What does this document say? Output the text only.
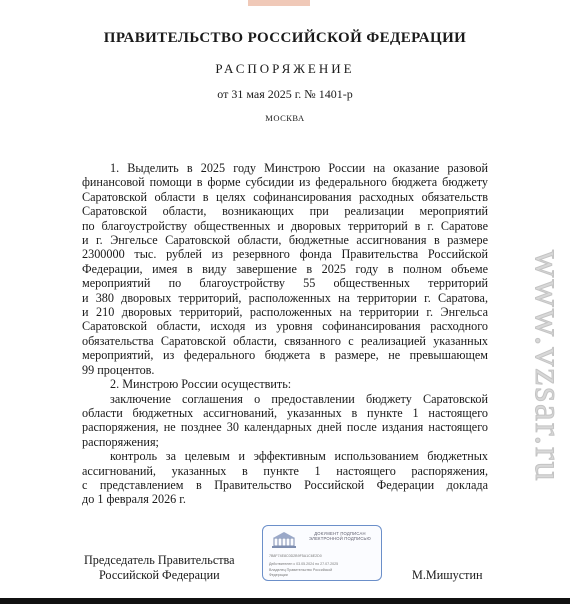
ПРАВИТЕЛЬСТВО РОССИЙСКОЙ ФЕДЕРАЦИИ
РАСПОРЯЖЕНИЕ
от 31 мая 2025 г. № 1401-р
МОСКВА

1. Выделить в 2025 году Минстрою России на оказание разовой

финансовой помощи в форме субсидии из федерального бюджета бюджету

Саратовской области в целях софинансирования расходных обязательств

Саратовской области, возникающих при реализации мероприятий

по благоустройству общественных и дворовых территорий в г. Саратове

и г. Энгельсе Саратовской области, бюджетные ассигнования в размере

2300000 тыс. рублей из резервного фонда Правительства Российской

Федерации, имея в виду завершение в 2025 году в полном объеме

мероприятий по благоустройству 55 общественных территорий

и 380 дворовых территорий, расположенных на территории г. Саратова,

и 210 дворовых территорий, расположенных на территории г. Энгельса

Саратовской области, исходя из уровня софинансирования расходного

обязательства Саратовской области, связанного с реализацией указанных

мероприятий, из федерального бюджета в размере, не превышающем

99 процентов.

2. Минстрою России осуществить:

заключение соглашения о предоставлении бюджету Саратовской

области бюджетных ассигнований, указанных в пункте 1 настоящего

распоряжения, не позднее 30 календарных дней после издания настоящего

распоряжения;

контроль за целевым и эффективным использованием бюджетных

ассигнований, указанных в пункте 1 настоящего распоряжения,

с представлением в Правительство Российской Федерации доклада

до 1 февраля 2026 г.

Председатель Правительства
Российской Федерации
ДОКУМЕНТ ПОДПИСАН
ЭЛЕКТРОННОЙ ПОДПИСЬЮ
7B8F74E8C0D2B9F5A1C6E2D0
Действителен с 03.05.2024 по 27.07.2025
Владелец Правительство Российской
Федерации	М.Мишустин
www.vzsar.ru
